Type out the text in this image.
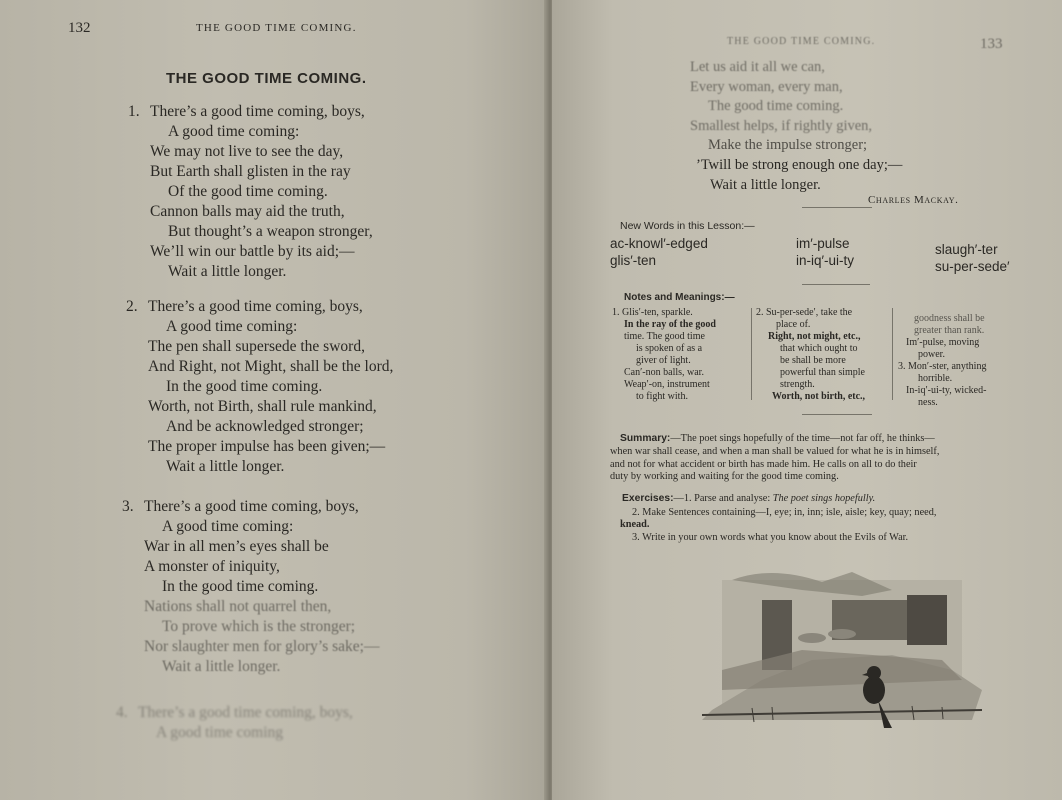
132	THE GOOD TIME COMING.
THE GOOD TIME COMING.
1. There’s a good time coming, boys,
A good time coming:
We may not live to see the day,
But Earth shall glisten in the ray
Of the good time coming.
Cannon balls may aid the truth,
But thought’s a weapon stronger,
We’ll win our battle by its aid;—
Wait a little longer.
2. There’s a good time coming, boys,
A good time coming:
The pen shall supersede the sword,
And Right, not Might, shall be the lord,
In the good time coming.
Worth, not Birth, shall rule mankind,
And be acknowledged stronger;
The proper impulse has been given;—
Wait a little longer.
3. There’s a good time coming, boys,
A good time coming:
War in all men’s eyes shall be
A monster of iniquity,
In the good time coming.
Nations shall not quarrel then,
To prove which is the stronger;
Nor slaughter men for glory’s sake;—
Wait a little longer.
4. There’s a good time coming, boys,
A good time coming
THE GOOD TIME COMING.	133
Let us aid it all we can,
Every woman, every man,
The good time coming.
Smallest helps, if rightly given,
Make the impulse stronger;
’Twill be strong enough one day;—
Wait a little longer.
Charles Mackay.
New Words in this Lesson:—
ac-knowl′-edged
glis′-ten
im′-pulse
in-iq′-ui-ty
slaugh′-ter
su-per-sede′
Notes and Meanings:—
1. Glis′-ten, sparkle.
In the ray of the good
time. The good time
is spoken of as a
giver of light.
Can′-non balls, war.
Weap′-on, instrument
to fight with.
2. Su-per-sede′, take the
place of.
Right, not might, etc.,
that which ought to
be shall be more
powerful than simple
strength.
Worth, not birth, etc.,
goodness shall be
greater than rank.
Im′-pulse, moving
power.
3. Mon′-ster, anything
horrible.
In-iq′-ui-ty, wicked-
ness.
Summary:—The poet sings hopefully of the time—not far off, he thinks—
when war shall cease, and when a man shall be valued for what he is in himself,
and not for what accident or birth has made him. He calls on all to do their
duty by working and waiting for the good time coming.
Exercises:—1. Parse and analyse: The poet sings hopefully.
2. Make Sentences containing—I, eye; in, inn; isle, aisle; key, quay; need,
knead.
3. Write in your own words what you know about the Evils of War.
